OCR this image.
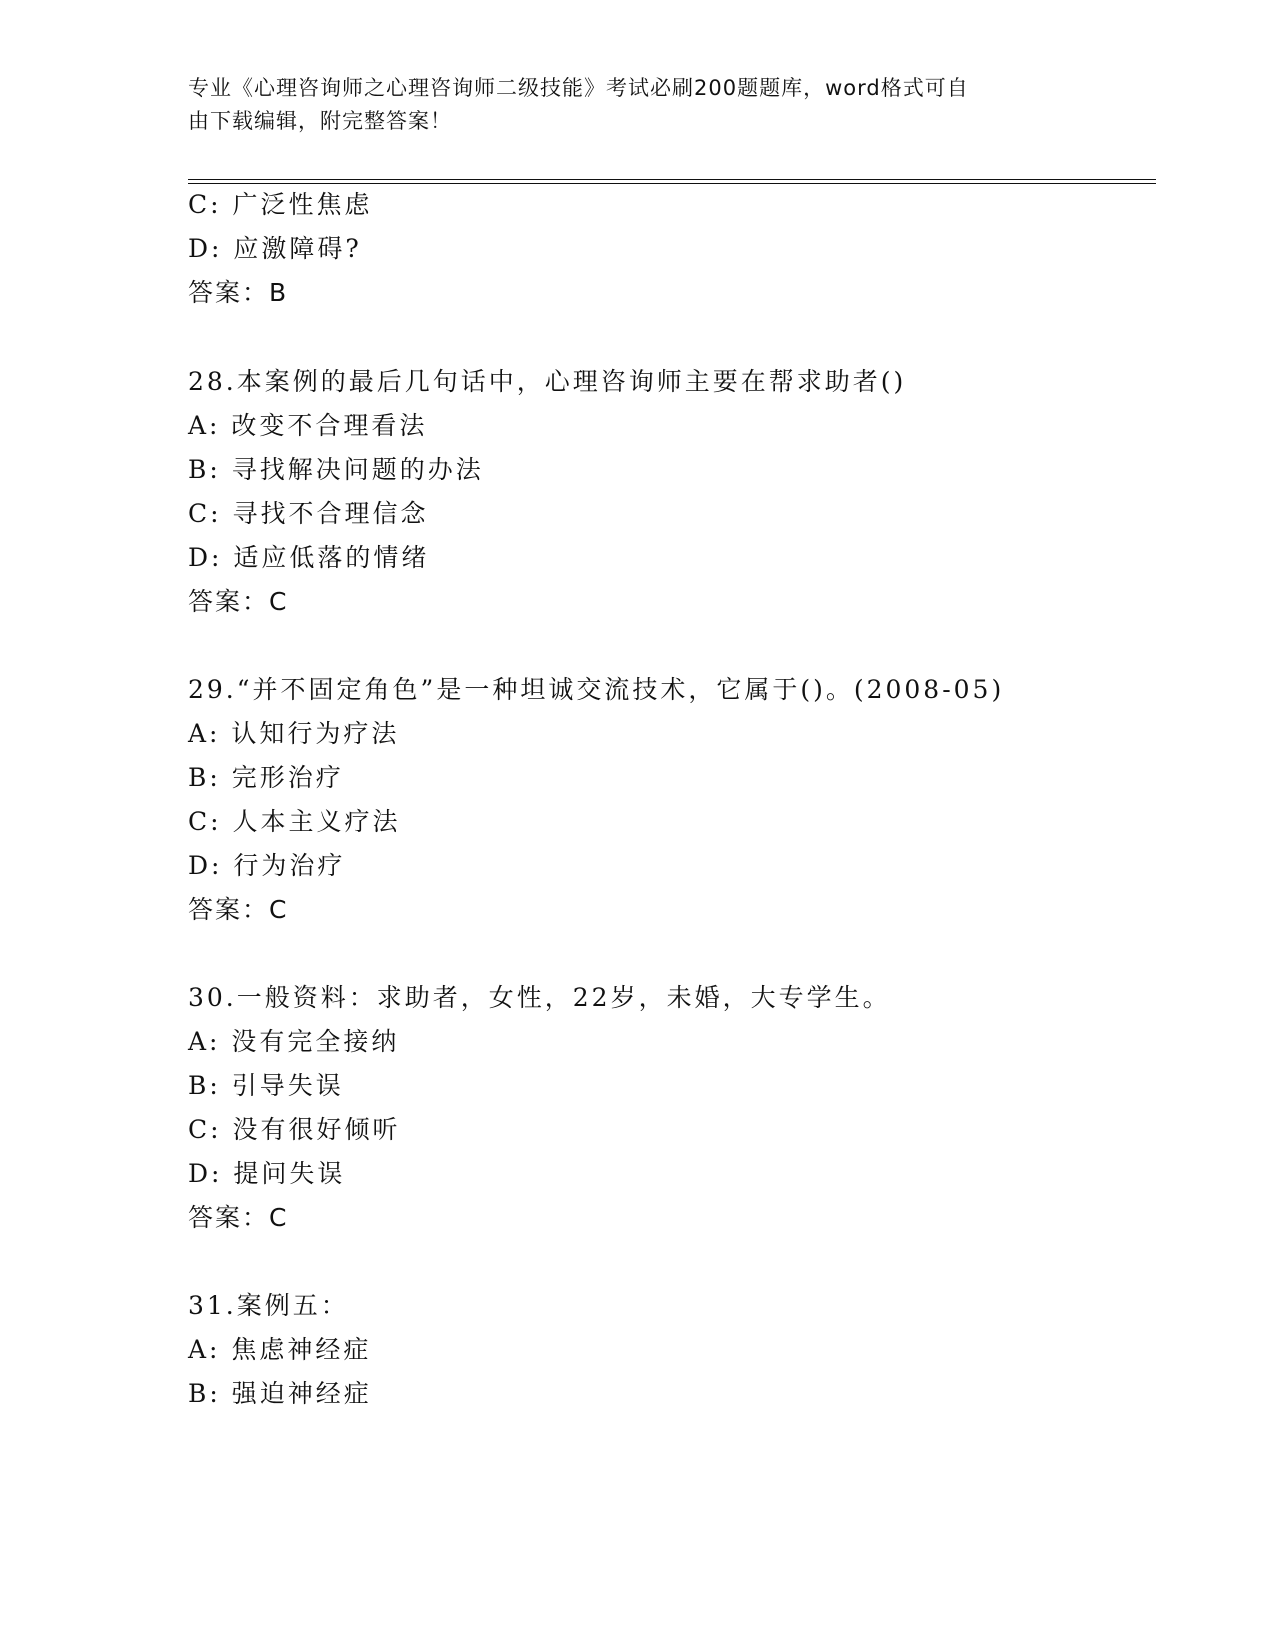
专业《心理咨询师之心理咨询师二级技能》考试必刷200题题库，word格式可自
由下载编辑，附完整答案！
C: 广泛性焦虑
D: 应激障碍?
答案：B
28.本案例的最后几句话中，心理咨询师主要在帮求助者()
A: 改变不合理看法
B: 寻找解决问题的办法
C: 寻找不合理信念
D: 适应低落的情绪
答案：C
29.“并不固定角色”是一种坦诚交流技术，它属于()。(2008-05)
A: 认知行为疗法
B: 完形治疗
C: 人本主义疗法
D: 行为治疗
答案：C
30.一般资料：求助者，女性，22岁，未婚，大专学生。
A: 没有完全接纳
B: 引导失误
C: 没有很好倾听
D: 提问失误
答案：C
31.案例五：
A: 焦虑神经症
B: 强迫神经症
